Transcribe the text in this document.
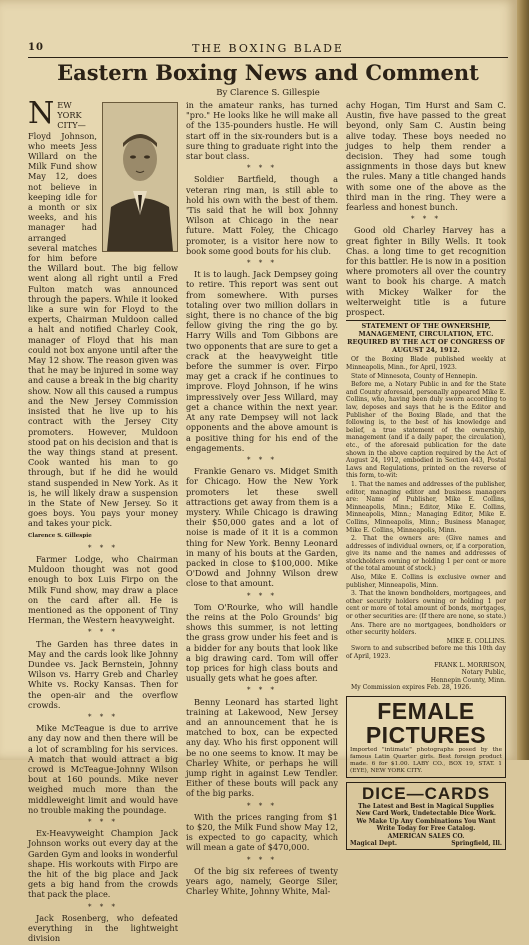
10	THE BOXING BLADE
Eastern Boxing News and Comment
By Clarence S. Gillespie

N EW YORK CITY—Floyd Johnson, who meets Jess Willard on the Milk Fund show May 12, does not believe in keeping idle for a month or six weeks, and his manager had arranged several matches for him before the Willard bout. The big fellow went along all right until a Fred Fulton match was announced through the papers. While it looked like a sure win for Floyd to the experts, Chairman Muldoon called a halt and notified Charley Cook, manager of Floyd that his man could not box anyone until after the May 12 show. The reason given was that he may be injured in some way and cause a break in the big charity show. Now all this caused a rumpus and the New Jersey Commission insisted that he live up to his contract with the Jersey City promoters. However, Muldoon stood pat on his decision and that is the way things stand at present. Cook wanted his man to go through, but if he did he would stand suspended in New York. As it is, he will likely draw a suspension in the State of New Jersey. So it goes boys. You pays your money and takes your pick.

Clarence S. Gillespie
* * *

Farmer Lodge, who Chairman Muldoon thought was not good enough to box Luis Firpo on the Milk Fund show, may draw a place on the card after all. He is mentioned as the opponent of Tiny Herman, the Western heavyweight.

* * *

The Garden has three dates in May and the cards look like Johnny Dundee vs. Jack Bernstein, Johnny Wilson vs. Harry Greb and Charley White vs. Rocky Kansas. Then for the open-air and the overflow crowds.

* * *

Mike McTeague is due to arrive any day now and then there will be a lot of scrambling for his services. A match that would attract a big crowd is McTeague-Johnny Wilson bout at 160 pounds. Mike never weighed much more than the middleweight limit and would have no trouble making the poundage.

* * *

Ex-Heavyweight Champion Jack Johnson works out every day at the Garden Gym and looks in wonderful shape. His workouts with Firpo are the hit of the big place and Jack gets a big hand from the crowds that pack the place.

* * *

Jack Rosenberg, who defeated everything in the lightweight division

in the amateur ranks, has turned "pro." He looks like he will make all of the 135-pounders hustle. He will start off in the six-rounders but is a sure thing to graduate right into the star bout class.

* * *

Soldier Bartfield, though a veteran ring man, is still able to hold his own with the best of them. 'Tis said that he will box Johnny Wilson at Chicago in the near future. Matt Foley, the Chicago promoter, is a visitor here now to book some good bouts for his club.

* * *

It is to laugh. Jack Dempsey going to retire. This report was sent out from somewhere. With purses totaling over two million dollars in sight, there is no chance of the big fellow giving the ring the go by. Harry Wills and Tom Gibbons are two opponents that are sure to get a crack at the heavyweight title before the summer is over. Firpo may get a crack if he continues to improve. Floyd Johnson, if he wins impressively over Jess Willard, may get a chance within the next year. At any rate Dempsey will not lack opponents and the above amount is a positive thing for his end of the engagements.

* * *

Frankie Genaro vs. Midget Smith for Chicago. How the New York promoters let these swell attractions get away from them is a mystery. While Chicago is drawing their $50,000 gates and a lot of noise is made of it it is a common thing for New York. Benny Leonard in many of his bouts at the Garden, packed in close to $100,000. Mike O'Dowd and Johnny Wilson drew close to that amount.

* * *

Tom O'Rourke, who will handle the reins at the Polo Grounds' big shows this summer, is not letting the grass grow under his feet and is a bidder for any bouts that look like a big drawing card. Tom will offer top prices for high class bouts and usually gets what he goes after.

* * *

Benny Leonard has started light training at Lakewood, New Jersey and an announcement that he is matched to box, can be expected any day. Who his first opponent will be no one seems to know. It may be Charley White, or perhaps he will jump right in against Lew Tendler. Either of these bouts will pack any of the big parks.

* * *

With the prices ranging from $1 to $20, the Milk Fund show May 12, is expected to go capacity, which will mean a gate of $470,000.

* * *

Of the big six referees of twenty years ago, namely, George Siler, Charley White, Johnny White, Mal-

achy Hogan, Tim Hurst and Sam C. Austin, five have passed to the great beyond, only Sam C. Austin being alive today. These boys needed no judges to help them render a decision. They had some tough assignments in those days but knew the rules. Many a title changed hands with some one of the above as the third man in the ring. They were a fearless and honest bunch.

* * *

Good old Charley Harvey has a great fighter in Billy Wells. It took Chas. a long time to get recognition for this battler. He is now in a position where promoters all over the country want to book his charge. A match with Mickey Walker for the welterweight title is a future prospect.

STATEMENT OF THE OWNERSHIP, MANAGEMENT, CIRCULATION, ETC. REQUIRED BY THE ACT OF CONGRESS OF AUGUST 24, 1912.

Of the Boxing Blade published weekly at Minneapolis, Minn., for April, 1923.

State of Minnesota, County of Hennepin.

Before me, a Notary Public in and for the State and County aforesaid, personally appeared Mike E. Collins, who, having been duly sworn according to law, deposes and says that he is the Editor and Publisher of the Boxing Blade, and that the following is, to the best of his knowledge and belief, a true statement of the ownership, management (and if a daily paper, the circulation), etc., of the aforesaid publication for the date shown in the above caption required by the Act of August 24, 1912, embodied in Section 443, Postal Laws and Regulations, printed on the reverse of this form, to-wit:

1. That the names and addresses of the publisher, editor, managing editor and business managers are: Name of Publisher, Mike E. Collins, Minneapolis, Minn.; Editor, Mike E. Collins, Minneapolis, Minn.; Managing Editor, Mike E. Collins, Minneapolis, Minn.; Business Manager, Mike E. Collins, Minneapolis, Minn.

2. That the owners are: (Give names and addresses of individual owners, or, if a corporation, give its name and the names and addresses of stockholders owning or holding 1 per cent or more of the total amount of stock.)

Also, Mike E. Collins is exclusive owner and publisher, Minneapolis, Minn.

3. That the known bondholders, mortgagees, and other security holders owning or holding 1 per cent or more of total amount of bonds, mortgages, or other securities are: (If there are none, so state.)

Ans. There are no mortgagees, bondholders or other security holders.

MIKE E. COLLINS.

Sworn to and subscribed before me this 10th day of April, 1923.

FRANK L. MORRISON,
Notary Public,
Hennepin County, Minn.

My Commission expires Feb. 28, 1926.

FEMALE PICTURES
Imported "intimate" photographs posed by the famous Latin Quarter girls. Best foreign product made. 6 for $1.00. LABY CO., BOX 19, STAT. 1 (EYE), NEW YORK CITY.
DICE—CARDS
The Latest and Best in Magical Supplies
New Card Work, Undetectable Dice Work.
We Make Up Any Combinations You Want
Write Today for Free Catalog.
AMERICAN SALES CO.
Magical Dept.	Springfield, Ill.
